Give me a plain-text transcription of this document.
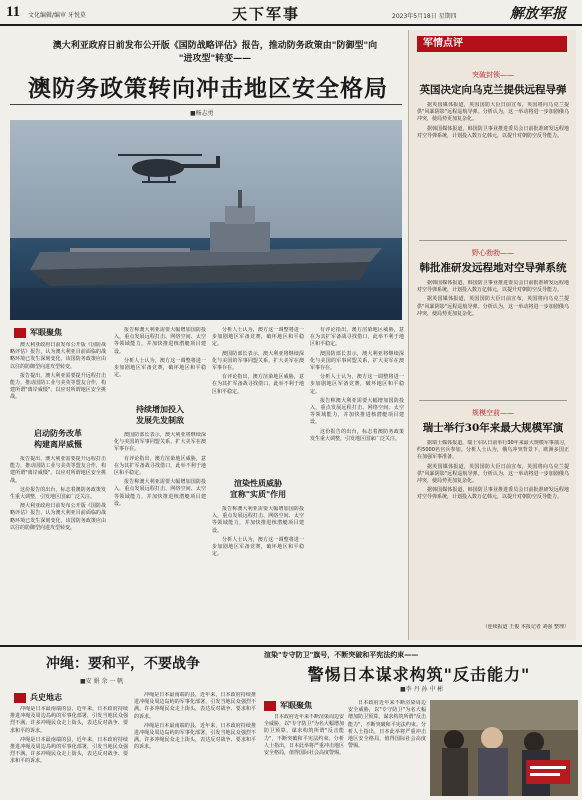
11 文化编辑/编审 牙悦莫	天下军事	2023年5月18日 星期四	解放军报
澳大利亚政府日前发布公开版《国防战略评估》报告，推动防务政策由"防御型"向
"进攻型"转变——
澳防务政策转向冲击地区安全格局
■杨志勇
军眼聚焦

澳大利亚政府日前发布公开版《国防战略评估》报告，认为澳大利亚目前面临的战略环境已发生深刻变化，该国防务政策应由以往的防御型向进攻型转变。

报告提出，澳大利亚需要提升远程打击能力，推动国防工业与美英等盟友合作，构建所谓"离岸威慑"，以应对所谓地区安全挑战。

启动防务改革
构建离岸威慑

报告提出，澳大利亚需要提升远程打击能力，推动国防工业与美英等盟友合作，构建所谓"离岸威慑"，以应对所谓地区安全挑战。

这份报告的出台，标志着澳防务政策发生重大调整，引发地区国家广泛关注。

澳大利亚政府日前发布公开版《国防战略评估》报告，认为澳大利亚目前面临的战略环境已发生深刻变化，该国防务政策应由以往的防御型向进攻型转变。

报告称澳大利亚需要大幅增加国防投入，重点发展远程打击、网络空间、太空等领域能力，并加快推进核潜艇项目建设。

分析人士认为，澳方这一调整将进一步加剧地区军备竞赛，破坏地区和平稳定。

持续增加投入
发展先发制敌

澳国防部长表示，澳大利亚将继续深化与美国的军事同盟关系，扩大美军在澳军事存在。

有评论指出，澳方渲染地区威胁，意在为其扩军备战寻找借口，此举不利于地区和平稳定。

报告称澳大利亚需要大幅增加国防投入，重点发展远程打击、网络空间、太空等领域能力，并加快推进核潜艇项目建设。

分析人士认为，澳方这一调整将进一步加剧地区军备竞赛，破坏地区和平稳定。

澳国防部长表示，澳大利亚将继续深化与美国的军事同盟关系，扩大美军在澳军事存在。

有评论指出，澳方渲染地区威胁，意在为其扩军备战寻找借口，此举不利于地区和平稳定。

渲染性质威胁
宣称"实质"作用

报告称澳大利亚需要大幅增加国防投入，重点发展远程打击、网络空间、太空等领域能力，并加快推进核潜艇项目建设。

分析人士认为，澳方这一调整将进一步加剧地区军备竞赛，破坏地区和平稳定。

有评论指出，澳方渲染地区威胁，意在为其扩军备战寻找借口，此举不利于地区和平稳定。

澳国防部长表示，澳大利亚将继续深化与美国的军事同盟关系，扩大美军在澳军事存在。

分析人士认为，澳方这一调整将进一步加剧地区军备竞赛，破坏地区和平稳定。

报告称澳大利亚需要大幅增加国防投入，重点发展远程打击、网络空间、太空等领域能力，并加快推进核潜艇项目建设。

这份报告的出台，标志着澳防务政策发生重大调整，引发地区国家广泛关注。

军情点评
突破封锁——
英国决定向乌克兰提供远程导弹

据英国媒体报道，英国国防大臣日前宣布，英国将向乌克兰提供"风暴阴影"远程巡航导弹。分析认为，这一举动将进一步加剧俄乌冲突，使局势更加复杂化。

据韩国媒体报道，韩国防卫事业推进委员会日前批准研发远程地对空导弹系统，计划投入数万亿韩元，以提升对朝防空反导能力。

野心勃勃——
韩批准研发远程地对空导弹系统

据韩国媒体报道，韩国防卫事业推进委员会日前批准研发远程地对空导弹系统，计划投入数万亿韩元，以提升对朝防空反导能力。

据英国媒体报道，英国国防大臣日前宣布，英国将向乌克兰提供"风暴阴影"远程巡航导弹。分析认为，这一举动将进一步加剧俄乌冲突，使局势更加复杂化。

规模空前——
瑞士举行30年来最大规模军演

据瑞士媒体报道，瑞士军队日前举行30年来最大规模军事演习，约5000名官兵参加。分析人士认为，俄乌冲突背景下，欧洲多国正在加强军事准备。

据英国媒体报道，英国国防大臣日前宣布，英国将向乌克兰提供"风暴阴影"远程巡航导弹。分析认为，这一举动将进一步加剧俄乌冲突，使局势更加复杂化。

据韩国媒体报道，韩国防卫事业推进委员会日前批准研发远程地对空导弹系统，计划投入数万亿韩元，以提升对朝防空反导能力。

（连续报道 王俊 本报记者 刘强 整理）
冲绳：要和平，不要战争
■安 娟 余 一 帆
兵史地志

冲绳是日本最南端的县，近年来，日本政府持续推进冲绳及周边岛屿的军事化部署，引发当地民众强烈不满。许多冲绳民众走上街头，表达反对战争、要求和平的诉求。

冲绳是日本最南端的县，近年来，日本政府持续推进冲绳及周边岛屿的军事化部署，引发当地民众强烈不满。许多冲绳民众走上街头，表达反对战争、要求和平的诉求。

冲绳是日本最南端的县，近年来，日本政府持续推进冲绳及周边岛屿的军事化部署，引发当地民众强烈不满。许多冲绳民众走上街头，表达反对战争、要求和平的诉求。

冲绳是日本最南端的县，近年来，日本政府持续推进冲绳及周边岛屿的军事化部署，引发当地民众强烈不满。许多冲绳民众走上街头，表达反对战争、要求和平的诉求。

渲染"专守防卫"旗号，不断突破和平宪法约束——
警惕日本谋求构筑"反击能力"
■李 丹 孙 中 彬
军眼聚焦

日本政府近年来不断渲染周边安全威胁，以"专守防卫"为名大幅增加防卫预算，谋求构筑所谓"反击能力"，不断突破和平宪法约束。分析人士指出，日本此举将严重冲击地区安全格局，值得国际社会高度警惕。

日本政府近年来不断渲染周边安全威胁，以"专守防卫"为名大幅增加防卫预算，谋求构筑所谓"反击能力"，不断突破和平宪法约束。分析人士指出，日本此举将严重冲击地区安全格局，值得国际社会高度警惕。
